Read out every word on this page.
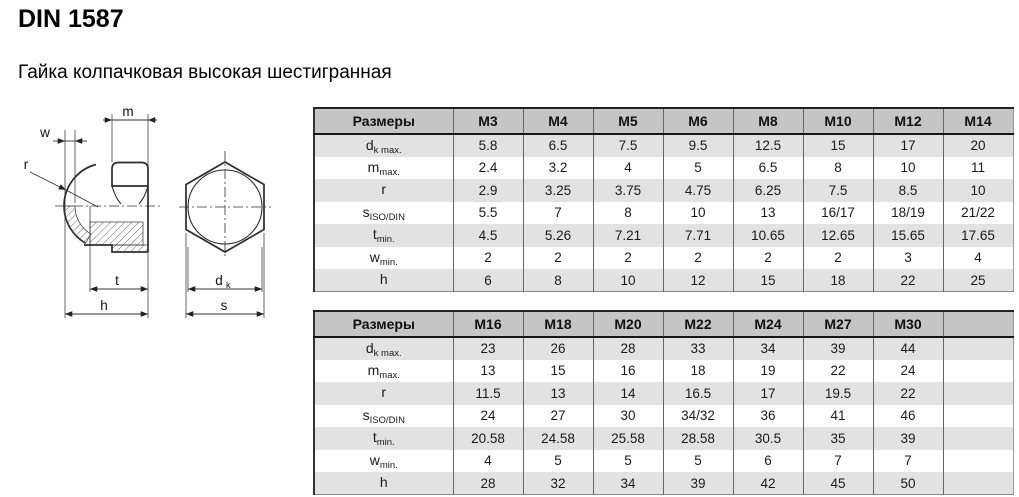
DIN 1587
Гайка колпачковая высокая шестигранная
w
m
r
t
h
d k
s
Размеры	M3	M4	M5	M6	M8	M10	M12	M14
dk max.	5.8	6.5	7.5	9.5	12.5	15	17	20
mmax.	2.4	3.2	4	5	6.5	8	10	11
r	2.9	3.25	3.75	4.75	6.25	7.5	8.5	10
sISO/DIN	5.5	7	8	10	13	16/17	18/19	21/22
tmin.	4.5	5.26	7.21	7.71	10.65	12.65	15.65	17.65
wmin.	2	2	2	2	2	2	3	4
h	6	8	10	12	15	18	22	25
Размеры	M16	M18	M20	M22	M24	M27	M30	
dk max.	23	26	28	33	34	39	44	
mmax.	13	15	16	18	19	22	24	
r	11.5	13	14	16.5	17	19.5	22	
sISO/DIN	24	27	30	34/32	36	41	46	
tmin.	20.58	24.58	25.58	28.58	30.5	35	39	
wmin.	4	5	5	5	6	7	7	
h	28	32	34	39	42	45	50	
